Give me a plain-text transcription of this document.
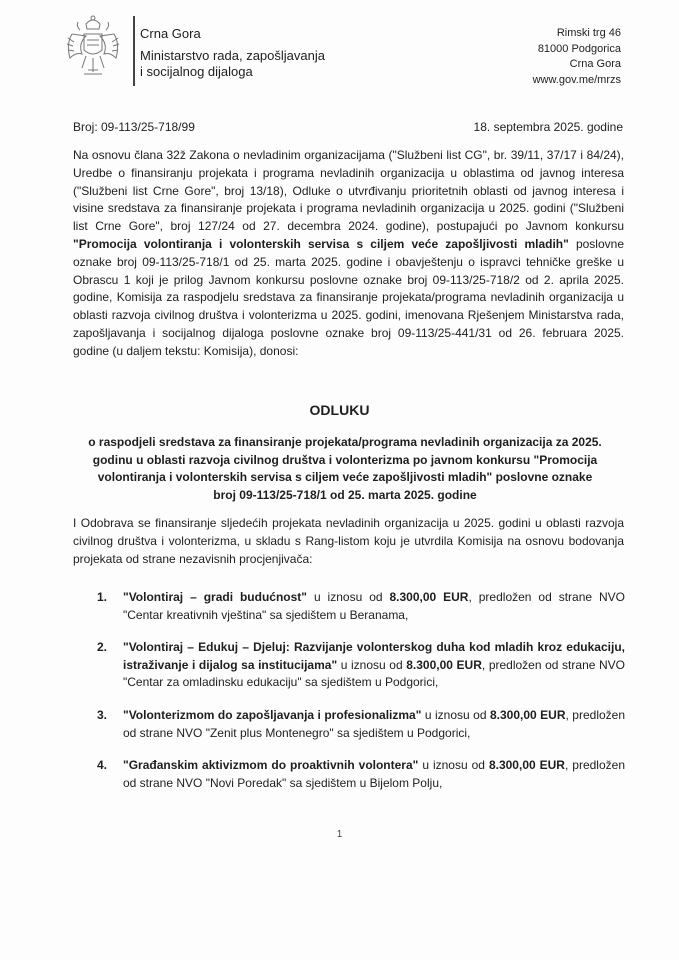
Crna Gora
Ministarstvo rada, zapošljavanja
i socijalnog dijaloga
Rimski trg 46
81000 Podgorica
Crna Gora
www.gov.me/mrzs
Broj: 09-113/25-718/99	18. septembra 2025. godine
Na osnovu člana 32ž Zakona o nevladinim organizacijama ("Službeni list CG", br. 39/11, 37/17 i 84/24), Uredbe o finansiranju projekata i programa nevladinih organizacija u oblastima od javnog interesa ("Službeni list Crne Gore", broj 13/18), Odluke o utvrđivanju prioritetnih oblasti od javnog interesa i visine sredstava za finansiranje projekata i programa nevladinih organizacija u 2025. godini ("Službeni list Crne Gore", broj 127/24 od 27. decembra 2024. godine), postupajući po Javnom konkursu "Promocija volontiranja i volonterskih servisa s ciljem veće zapošljivosti mladih" poslovne oznake broj 09-113/25-718/1 od 25. marta 2025. godine i obavještenju o ispravci tehničke greške u Obrascu 1 koji je prilog Javnom konkursu poslovne oznake broj 09-113/25-718/2 od 2. aprila 2025. godine, Komisija za raspodjelu sredstava za finansiranje projekata/programa nevladinih organizacija u oblasti razvoja civilnog društva i volonterizma u 2025. godini, imenovana Rješenjem Ministarstva rada, zapošljavanja i socijalnog dijaloga poslovne oznake broj 09-113/25-441/31 od 26. februara 2025. godine (u daljem tekstu: Komisija), donosi:
ODLUKU
o raspodjeli sredstava za finansiranje projekata/programa nevladinih organizacija za 2025. godinu u oblasti razvoja civilnog društva i volonterizma po javnom konkursu "Promocija volontiranja i volonterskih servisa s ciljem veće zapošljivosti mladih" poslovne oznake broj 09-113/25-718/1 od 25. marta 2025. godine
I Odobrava se finansiranje sljedećih projekata nevladinih organizacija u 2025. godini u oblasti razvoja civilnog društva i volonterizma, u skladu s Rang-listom koju je utvrdila Komisija na osnovu bodovanja projekata od strane nezavisnih procjenjivača:
1. "Volontiraj – gradi budućnost" u iznosu od 8.300,00 EUR, predložen od strane NVO "Centar kreativnih vještina" sa sjedištem u Beranama,
2. "Volontiraj – Edukuj – Djeluj: Razvijanje volonterskog duha kod mladih kroz edukaciju, istraživanje i dijalog sa institucijama" u iznosu od 8.300,00 EUR, predložen od strane NVO "Centar za omladinsku edukaciju" sa sjedištem u Podgorici,
3. "Volonterizmom do zapošljavanja i profesionalizma" u iznosu od 8.300,00 EUR, predložen od strane NVO "Zenit plus Montenegro" sa sjedištem u Podgorici,
4. "Građanskim aktivizmom do proaktivnih volontera" u iznosu od 8.300,00 EUR, predložen od strane NVO "Novi Poredak" sa sjedištem u Bijelom Polju,
1
